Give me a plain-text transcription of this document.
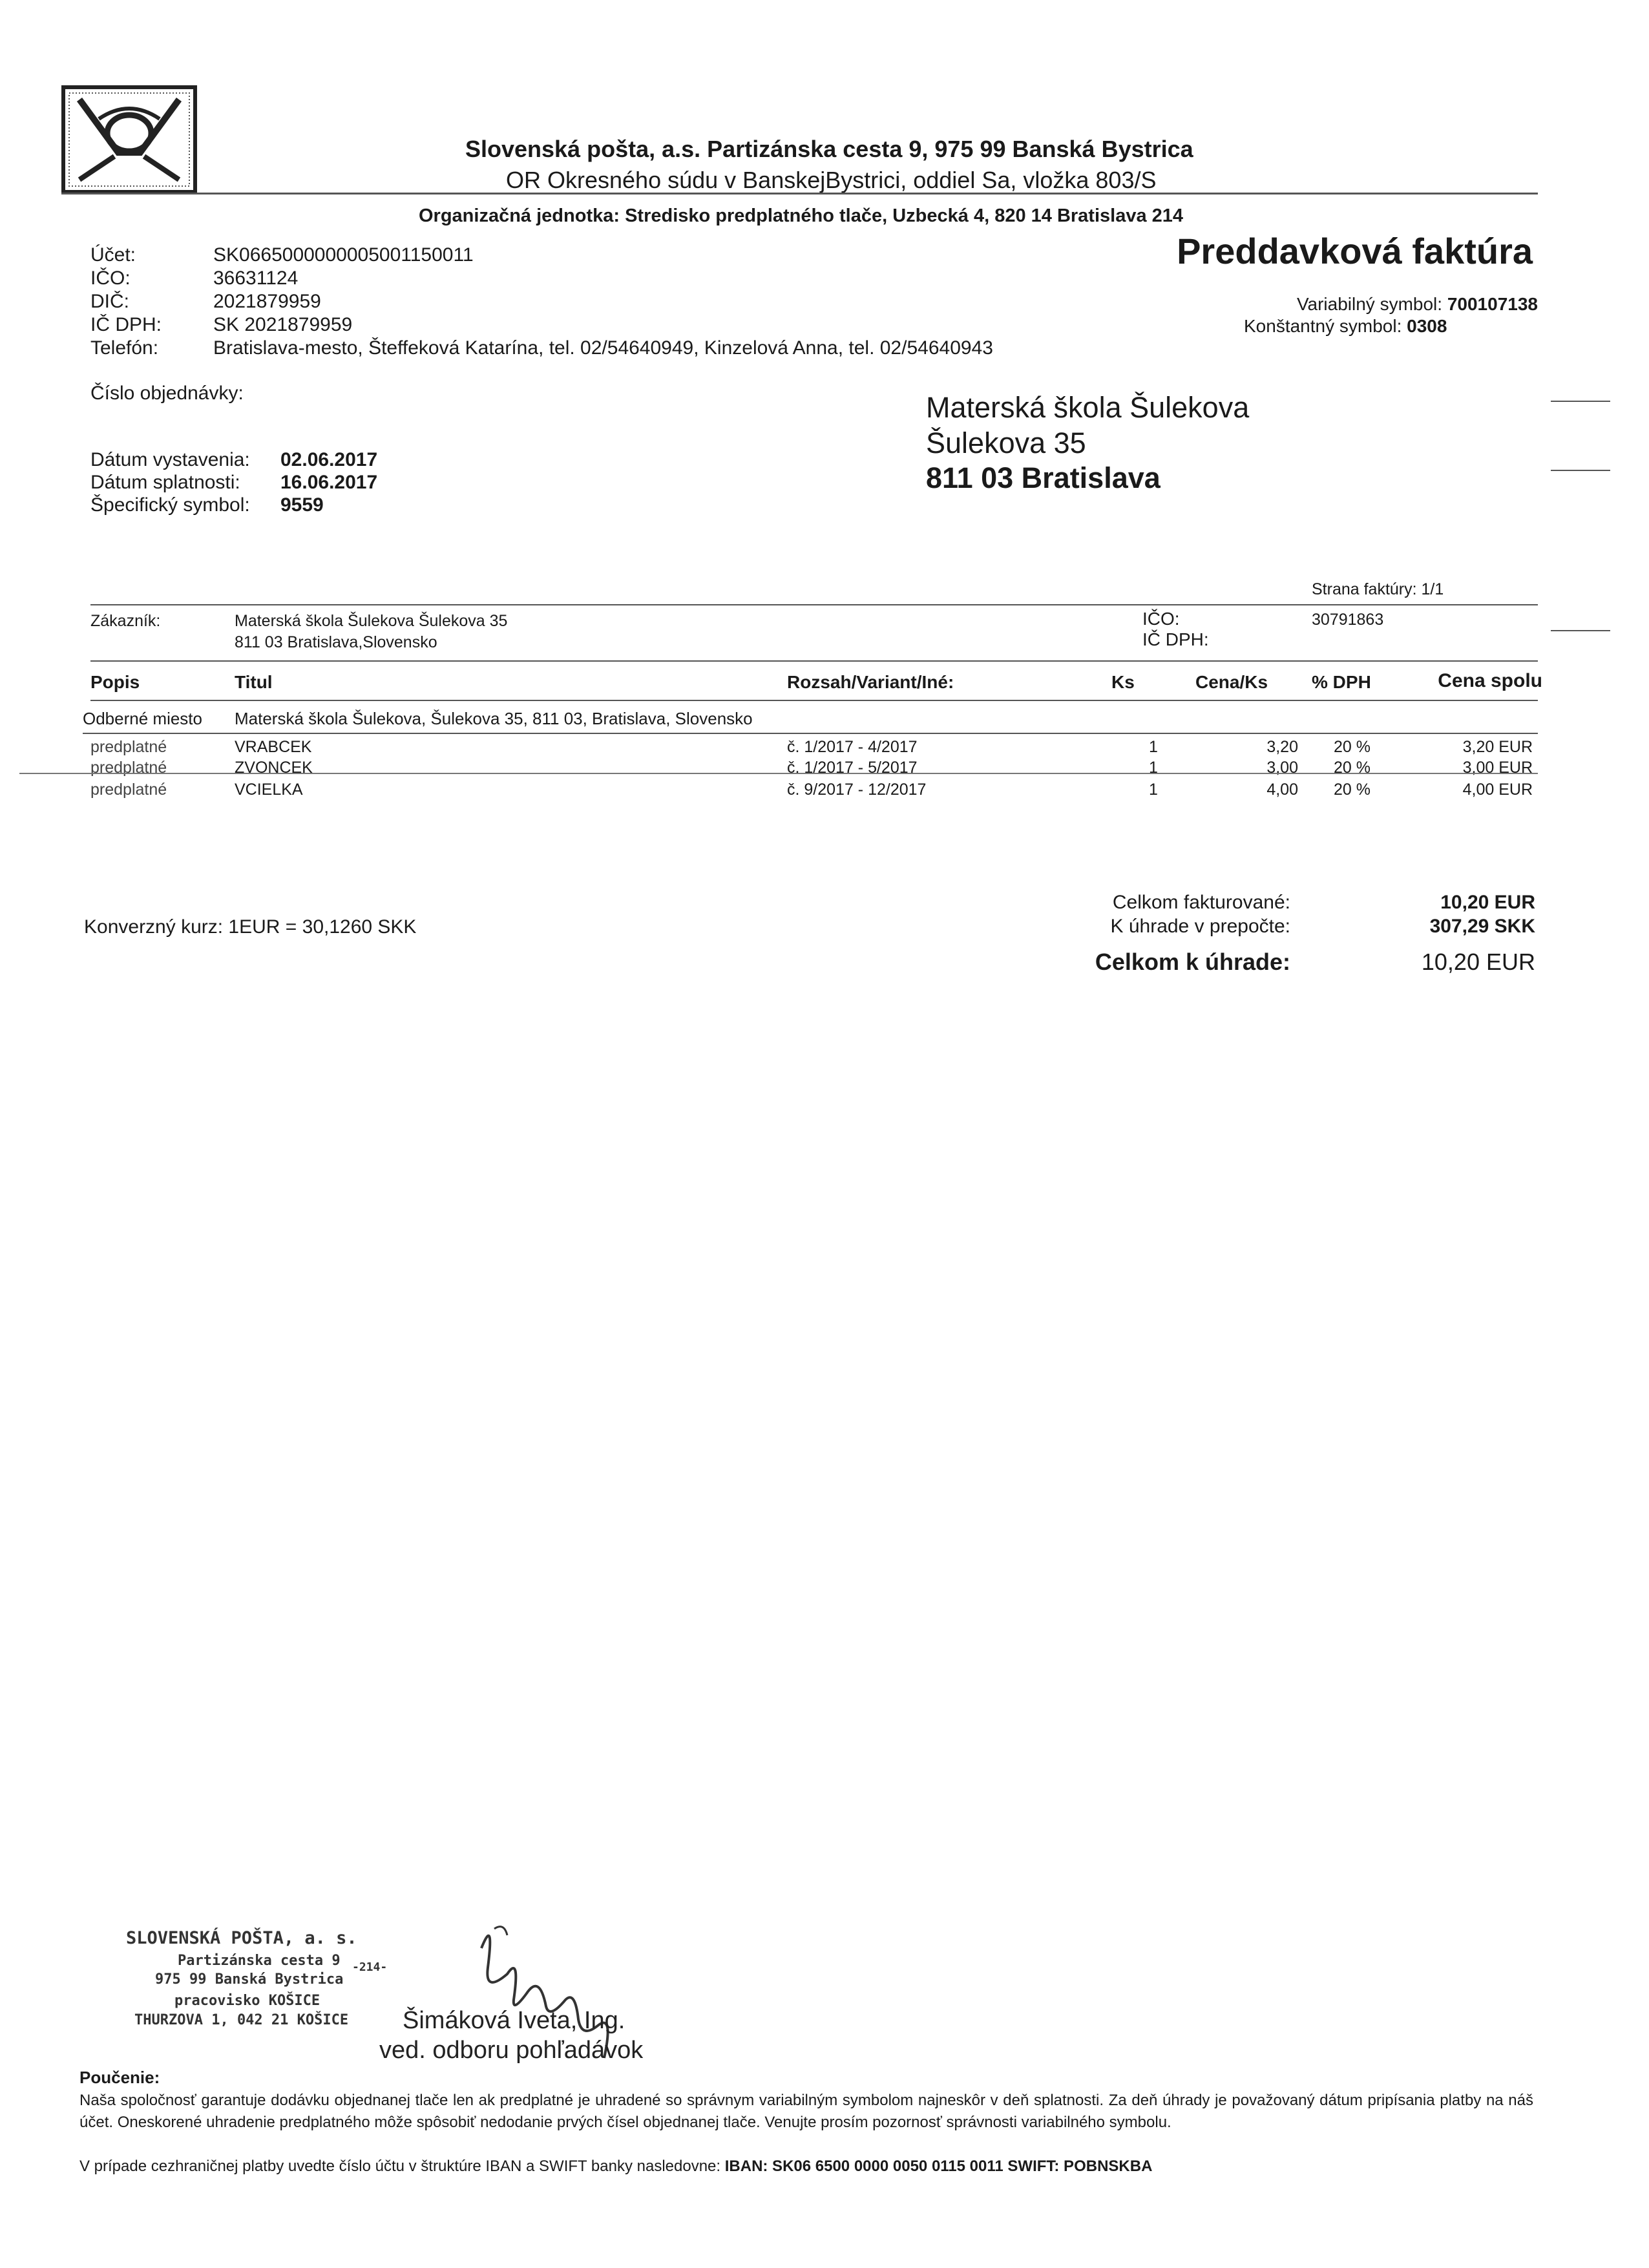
Slovenská pošta, a.s. Partizánska cesta 9, 975 99 Banská Bystrica
OR Okresného súdu v BanskejBystrici, oddiel Sa, vložka 803/S
Organizačná jednotka: Stredisko predplatného tlače, Uzbecká 4, 820 14 Bratislava 214
Účet:	SK0665000000005001150011
IČO:	36631124
DIČ:	2021879959
IČ DPH:	SK 2021879959
Telefón:	Bratislava-mesto, Šteffeková Katarína, tel. 02/54640949, Kinzelová Anna, tel. 02/54640943
Preddavková faktúra
Variabilný symbol: 700107138
Konštantný symbol: 0308
Číslo objednávky:
Dátum vystavenia: 02.06.2017
Dátum splatnosti: 16.06.2017
Špecifický symbol: 9559
Materská škola Šulekova
Šulekova 35
811 03 Bratislava
Strana faktúry: 1/1
Zákazník:	Materská škola Šulekova Šulekova 35
811 03 Bratislava,Slovensko
IČO:	30791863
IČ DPH:
Popis	Titul	Rozsah/Variant/Iné:	Ks	Cena/Ks % DPH	Cena spolu
Odberné miesto Materská škola Šulekova, Šulekova 35, 811 03, Bratislava, Slovensko
predplatné	VRABCEK	č. 1/2017 - 4/2017	1	3,20 20 %	3,20 EUR
predplatné	ZVONCEK	č. 1/2017 - 5/2017	1	3,00 20 %	3,00 EUR
predplatné	VCIELKA	č. 9/2017 - 12/2017	1	4,00 20 %	4,00 EUR
Konverzný kurz: 1EUR = 30,1260 SKK
Celkom fakturované:	10,20 EUR
K úhrade v prepočte:	307,29 SKK
Celkom k úhrade:	10,20 EUR
SLOVENSKÁ POŠTA, a. s.
Partizánska cesta 9 -214-
975 99 Banská Bystrica
pracovisko KOŠICE
THURZOVA 1, 042 21 KOŠICE Šimáková Iveta, Ing.
ved. odboru pohľadávok
Poučenie:
Naša spoločnosť garantuje dodávku objednanej tlače len ak predplatné je uhradené so správnym variabilným symbolom najneskôr v deň splatnosti. Za deň úhrady je považovaný dátum pripísania platby na náš účet. Oneskorené uhradenie predplatného môže spôsobiť nedodanie prvých čísel objednanej tlače. Venujte prosím pozornosť správnosti variabilného symbolu.
V prípade cezhraničnej platby uvedte číslo účtu v štruktúre IBAN a SWIFT banky nasledovne: IBAN: SK06 6500 0000 0050 0115 0011 SWIFT: POBNSKBA
